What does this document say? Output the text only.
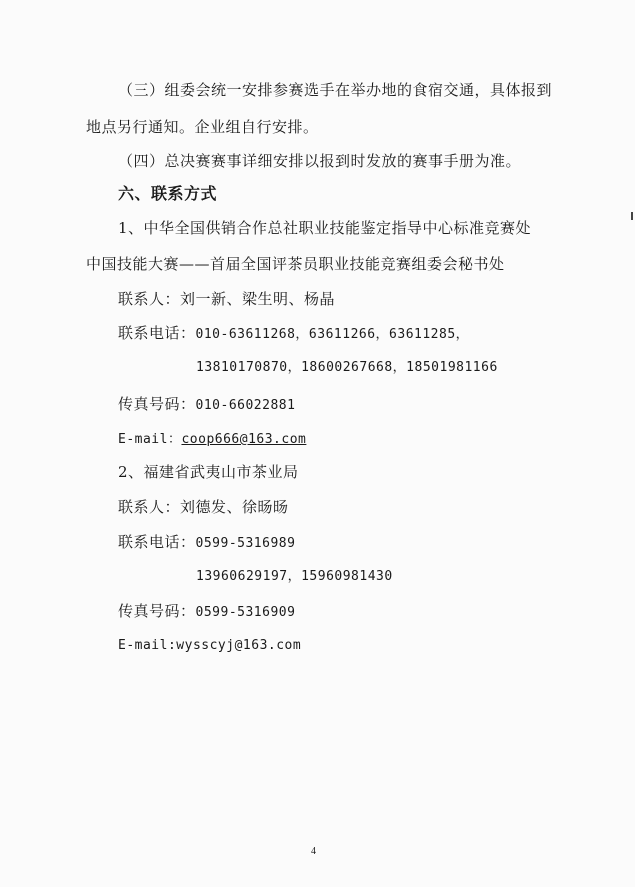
（三）组委会统一安排参赛选手在举办地的食宿交通，具体报到
地点另行通知。企业组自行安排。
（四）总决赛赛事详细安排以报到时发放的赛事手册为准。
六、联系方式
1、中华全国供销合作总社职业技能鉴定指导中心标准竞赛处
中国技能大赛——首届全国评茶员职业技能竞赛组委会秘书处
联系人：刘一新、梁生明、杨晶
联系电话：010-63611268，63611266，63611285，
13810170870，18600267668，18501981166
传真号码：010-66022881
E-mail：coop666@163.com
2、福建省武夷山市茶业局
联系人：刘德发、徐旸旸
联系电话：0599-5316989
13960629197，15960981430
传真号码：0599-5316909
E-mail:wysscyj@163.com
4
